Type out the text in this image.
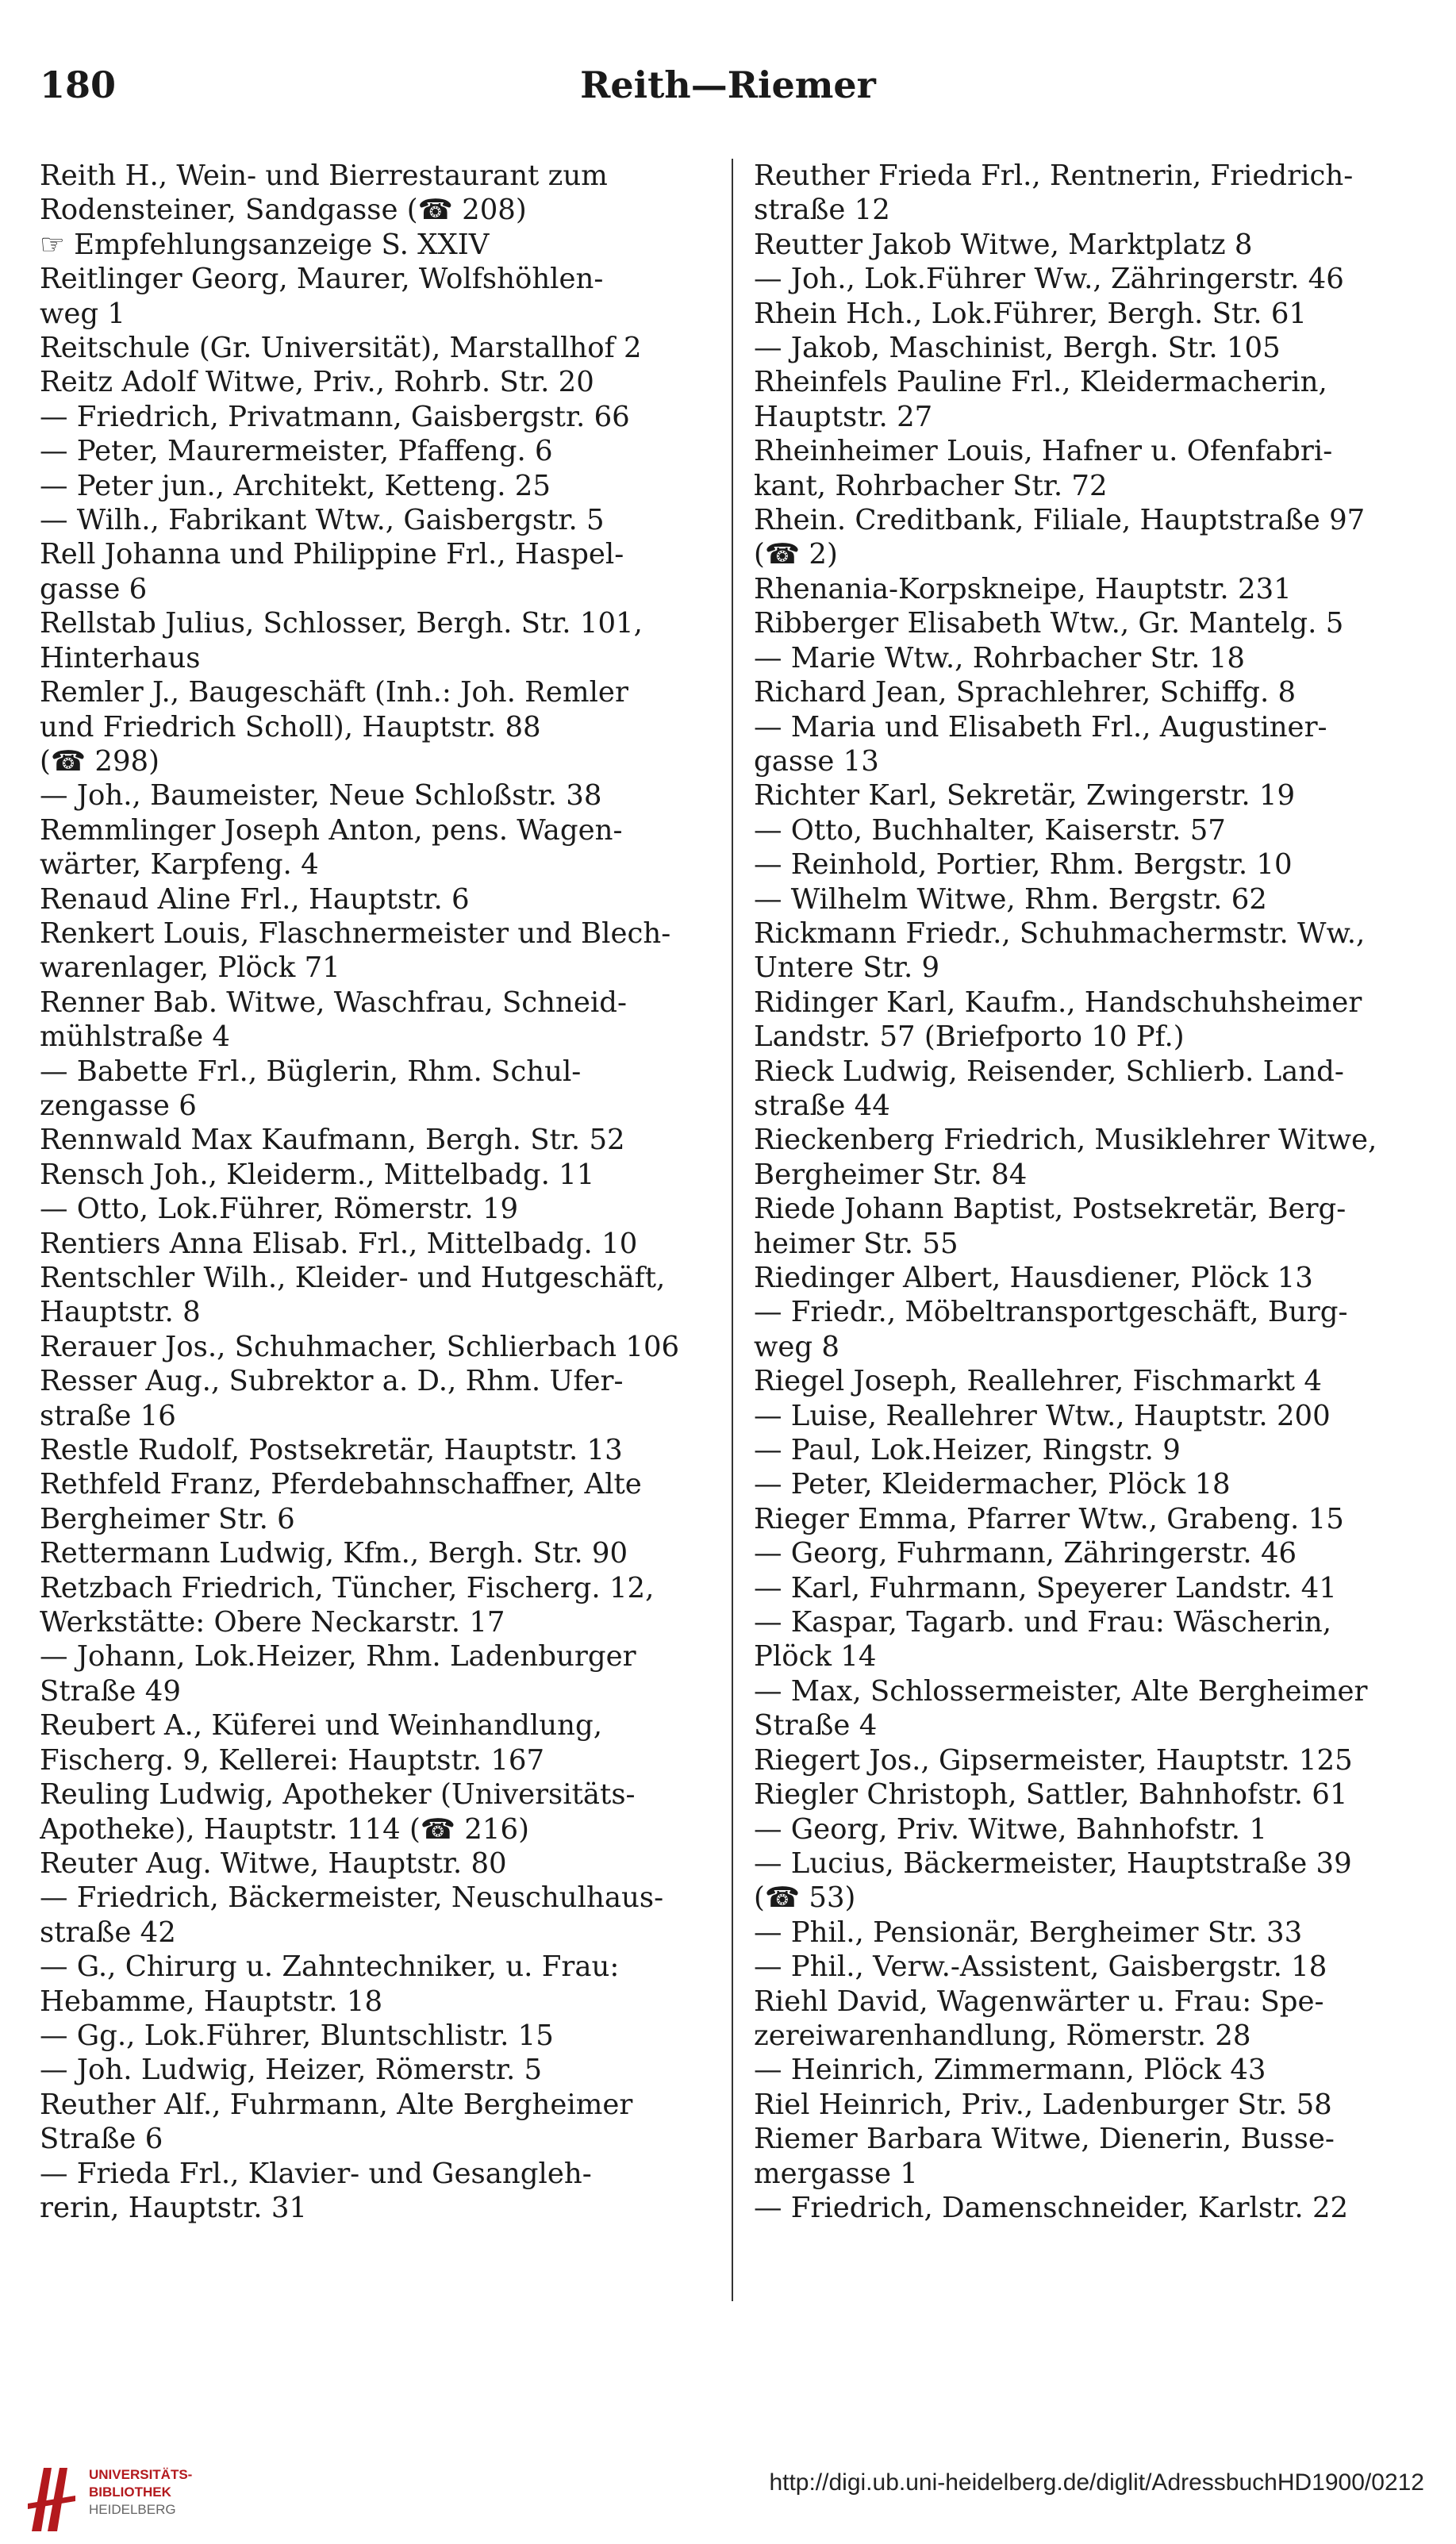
180	Reith—Riemer
Reith H., Wein- und Bierrestaurant zum
Rodensteiner, Sandgasse (☎ 208)
☞ Empfehlungsanzeige S. XXIV
Reitlinger Georg, Maurer, Wolfshöhlen-
weg 1
Reitschule (Gr. Universität), Marstallhof 2
Reitz Adolf Witwe, Priv., Rohrb. Str. 20
— Friedrich, Privatmann, Gaisbergstr. 66
— Peter, Maurermeister, Pfaffeng. 6
— Peter jun., Architekt, Ketteng. 25
— Wilh., Fabrikant Wtw., Gaisbergstr. 5
Rell Johanna und Philippine Frl., Haspel-
gasse 6
Rellstab Julius, Schlosser, Bergh. Str. 101,
Hinterhaus
Remler J., Baugeschäft (Inh.: Joh. Remler
und Friedrich Scholl), Hauptstr. 88
(☎ 298)
— Joh., Baumeister, Neue Schloßstr. 38
Remmlinger Joseph Anton, pens. Wagen-
wärter, Karpfeng. 4
Renaud Aline Frl., Hauptstr. 6
Renkert Louis, Flaschnermeister und Blech-
warenlager, Plöck 71
Renner Bab. Witwe, Waschfrau, Schneid-
mühlstraße 4
— Babette Frl., Büglerin, Rhm. Schul-
zengasse 6
Rennwald Max Kaufmann, Bergh. Str. 52
Rensch Joh., Kleiderm., Mittelbadg. 11
— Otto, Lok.Führer, Römerstr. 19
Rentiers Anna Elisab. Frl., Mittelbadg. 10
Rentschler Wilh., Kleider- und Hutgeschäft,
Hauptstr. 8
Rerauer Jos., Schuhmacher, Schlierbach 106
Resser Aug., Subrektor a. D., Rhm. Ufer-
straße 16
Restle Rudolf, Postsekretär, Hauptstr. 13
Rethfeld Franz, Pferdebahnschaffner, Alte
Bergheimer Str. 6
Rettermann Ludwig, Kfm., Bergh. Str. 90
Retzbach Friedrich, Tüncher, Fischerg. 12,
Werkstätte: Obere Neckarstr. 17
— Johann, Lok.Heizer, Rhm. Ladenburger
Straße 49
Reubert A., Küferei und Weinhandlung,
Fischerg. 9, Kellerei: Hauptstr. 167
Reuling Ludwig, Apotheker (Universitäts-
Apotheke), Hauptstr. 114 (☎ 216)
Reuter Aug. Witwe, Hauptstr. 80
— Friedrich, Bäckermeister, Neuschulhaus-
straße 42
— G., Chirurg u. Zahntechniker, u. Frau:
Hebamme, Hauptstr. 18
— Gg., Lok.Führer, Bluntschlistr. 15
— Joh. Ludwig, Heizer, Römerstr. 5
Reuther Alf., Fuhrmann, Alte Bergheimer
Straße 6
— Frieda Frl., Klavier- und Gesangleh-
rerin, Hauptstr. 31
Reuther Frieda Frl., Rentnerin, Friedrich-
straße 12
Reutter Jakob Witwe, Marktplatz 8
— Joh., Lok.Führer Ww., Zähringerstr. 46
Rhein Hch., Lok.Führer, Bergh. Str. 61
— Jakob, Maschinist, Bergh. Str. 105
Rheinfels Pauline Frl., Kleidermacherin,
Hauptstr. 27
Rheinheimer Louis, Hafner u. Ofenfabri-
kant, Rohrbacher Str. 72
Rhein. Creditbank, Filiale, Hauptstraße 97
(☎ 2)
Rhenania-Korpskneipe, Hauptstr. 231
Ribberger Elisabeth Wtw., Gr. Mantelg. 5
— Marie Wtw., Rohrbacher Str. 18
Richard Jean, Sprachlehrer, Schiffg. 8
— Maria und Elisabeth Frl., Augustiner-
gasse 13
Richter Karl, Sekretär, Zwingerstr. 19
— Otto, Buchhalter, Kaiserstr. 57
— Reinhold, Portier, Rhm. Bergstr. 10
— Wilhelm Witwe, Rhm. Bergstr. 62
Rickmann Friedr., Schuhmachermstr. Ww.,
Untere Str. 9
Ridinger Karl, Kaufm., Handschuhsheimer
Landstr. 57 (Briefporto 10 Pf.)
Rieck Ludwig, Reisender, Schlierb. Land-
straße 44
Rieckenberg Friedrich, Musiklehrer Witwe,
Bergheimer Str. 84
Riede Johann Baptist, Postsekretär, Berg-
heimer Str. 55
Riedinger Albert, Hausdiener, Plöck 13
— Friedr., Möbeltransportgeschäft, Burg-
weg 8
Riegel Joseph, Reallehrer, Fischmarkt 4
— Luise, Reallehrer Wtw., Hauptstr. 200
— Paul, Lok.Heizer, Ringstr. 9
— Peter, Kleidermacher, Plöck 18
Rieger Emma, Pfarrer Wtw., Grabeng. 15
— Georg, Fuhrmann, Zähringerstr. 46
— Karl, Fuhrmann, Speyerer Landstr. 41
— Kaspar, Tagarb. und Frau: Wäscherin,
Plöck 14
— Max, Schlossermeister, Alte Bergheimer
Straße 4
Riegert Jos., Gipsermeister, Hauptstr. 125
Riegler Christoph, Sattler, Bahnhofstr. 61
— Georg, Priv. Witwe, Bahnhofstr. 1
— Lucius, Bäckermeister, Hauptstraße 39
(☎ 53)
— Phil., Pensionär, Bergheimer Str. 33
— Phil., Verw.-Assistent, Gaisbergstr. 18
Riehl David, Wagenwärter u. Frau: Spe-
zereiwarenhandlung, Römerstr. 28
— Heinrich, Zimmermann, Plöck 43
Riel Heinrich, Priv., Ladenburger Str. 58
Riemer Barbara Witwe, Dienerin, Busse-
mergasse 1
— Friedrich, Damenschneider, Karlstr. 22
UNIVERSITÄTS-
BIBLIOTHEK
HEIDELBERG
http://digi.ub.uni-heidelberg.de/diglit/AdressbuchHD1900/0212
